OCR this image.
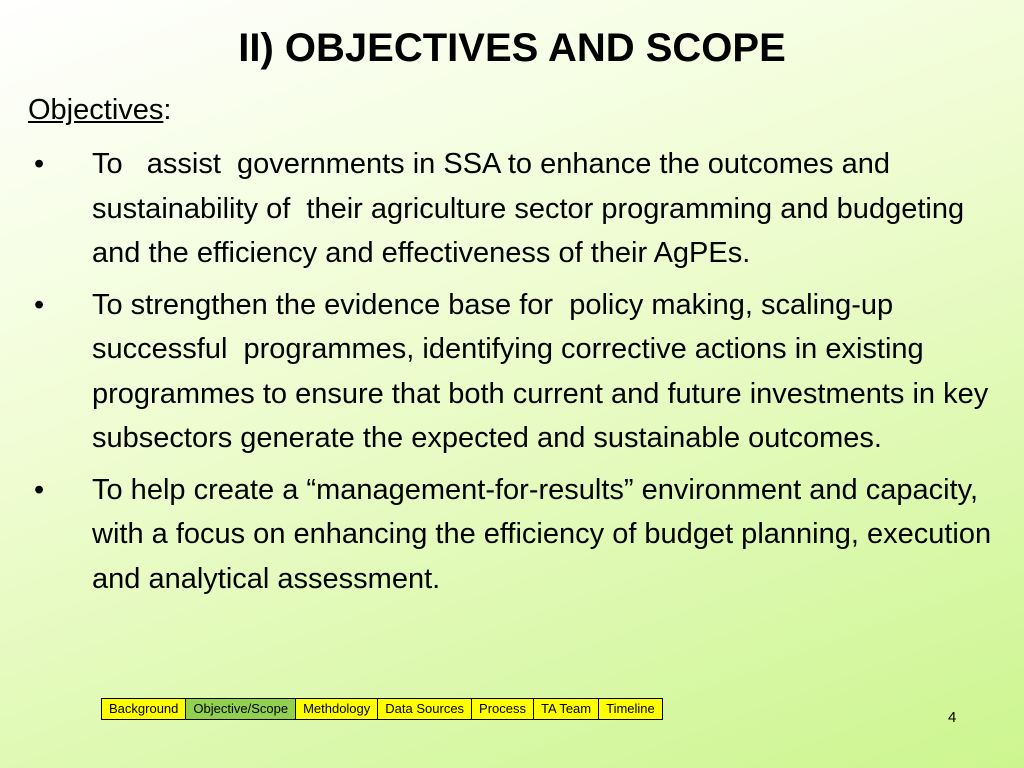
II) OBJECTIVES AND SCOPE

Objectives:

•	To   assist  governments in SSA to enhance the outcomes and sustainability of  their agriculture sector programming and budgeting and the efficiency and effectiveness of their AgPEs.
•	To strengthen the evidence base for  policy making, scaling-up successful  programmes, identifying corrective actions in existing programmes to ensure that both current and future investments in key subsectors generate the expected and sustainable outcomes.
•	To help create a “management-for-results” environment and capacity, with a focus on enhancing the efficiency of budget planning, execution and analytical assessment.
Background	Objective/Scope	Methdology	Data Sources	Process	TA Team	Timeline
4
